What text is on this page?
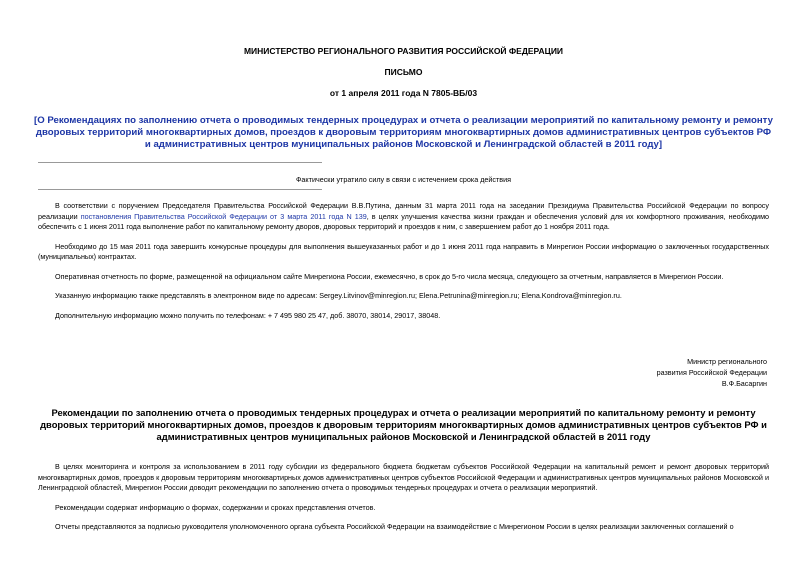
МИНИСТЕРСТВО РЕГИОНАЛЬНОГО РАЗВИТИЯ РОССИЙСКОЙ ФЕДЕРАЦИИ
ПИСЬМО
от 1 апреля 2011 года N 7805-ВБ/03
[О Рекомендациях по заполнению отчета о проводимых тендерных процедурах и отчета о реализации мероприятий по капитальному ремонту и ремонту дворовых территорий многоквартирных домов, проездов к дворовым территориям многоквартирных домов административных центров субъектов РФ и административных центров муниципальных районов Московской и Ленинградской областей в 2011 году]
Фактически утратило силу в связи с истечением срока действия

В соответствии с поручением Председателя Правительства Российской Федерации В.В.Путина, данным 31 марта 2011 года на заседании Президиума Правительства Российской Федерации по вопросу реализации постановления Правительства Российской Федерации от 3 марта 2011 года N 139, в целях улучшения качества жизни граждан и обеспечения условий для их комфортного проживания, необходимо обеспечить с 1 июня 2011 года выполнение работ по капитальному ремонту дворов, дворовых территорий и проездов к ним, с завершением работ до 1 ноября 2011 года.

Необходимо до 15 мая 2011 года завершить конкурсные процедуры для выполнения вышеуказанных работ и до 1 июня 2011 года направить в Минрегион России информацию о заключенных государственных (муниципальных) контрактах.

Оперативная отчетность по форме, размещенной на официальном сайте Минрегиона России, ежемесячно, в срок до 5-го числа месяца, следующего за отчетным, направляется в Минрегион России.

Указанную информацию также представлять в электронном виде по адресам: Sergey.Litvinov@minregion.ru; Elena.Petrunina@minregion.ru; Elena.Kondrova@minregion.ru.

Дополнительную информацию можно получить по телефонам: + 7 495 980 25 47, доб. 38070, 38014, 29017, 38048.

Министр регионального
развития Российской Федерации
В.Ф.Басаргин
Рекомендации по заполнению отчета о проводимых тендерных процедурах и отчета о реализации мероприятий по капитальному ремонту и ремонту дворовых территорий многоквартирных домов, проездов к дворовым территориям многоквартирных домов административных центров субъектов РФ и административных центров муниципальных районов Московской и Ленинградской областей в 2011 году

В целях мониторинга и контроля за использованием в 2011 году субсидии из федерального бюджета бюджетам субъектов Российской Федерации на капитальный ремонт и ремонт дворовых территорий многоквартирных домов, проездов к дворовым территориям многоквартирных домов административных центров субъектов Российской Федерации и административных центров муниципальных районов Московской и Ленинградской областей, Минрегион России доводит рекомендации по заполнению отчета о проводимых тендерных процедурах и отчета о реализации мероприятий.

Рекомендации содержат информацию о формах, содержании и сроках представления отчетов.

Отчеты представляются за подписью руководителя уполномоченного органа субъекта Российской Федерации на взаимодействие с Минрегионом России в целях реализации заключенных соглашений о
